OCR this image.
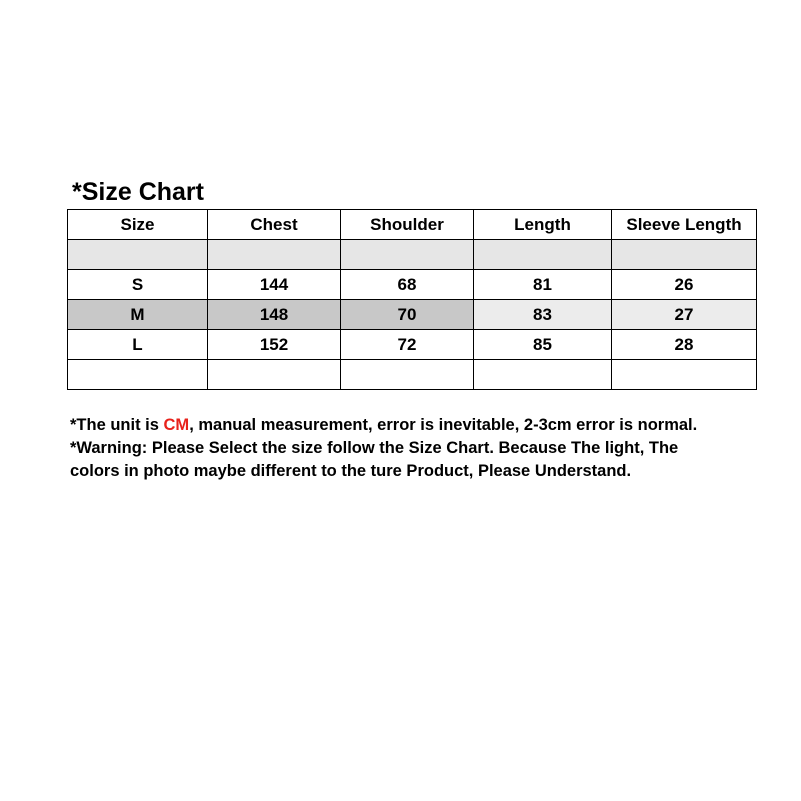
*Size Chart
Size	Chest	Shoulder	Length	Sleeve Length

S	144	68	81	26
M	148	70	83	27
L	152	72	85	28

*The unit is CM, manual measurement, error is inevitable, 2-3cm error is normal.

*Warning: Please Select the size follow the Size Chart. Because The light, The

colors in photo maybe different to the ture Product, Please Understand.
